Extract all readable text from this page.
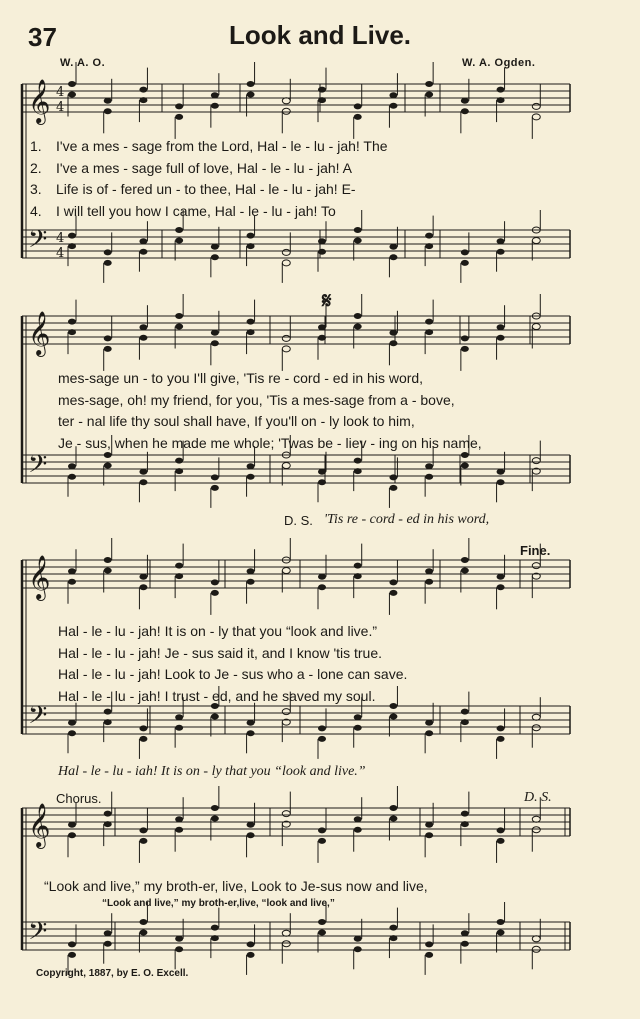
37	Look and Live.
W. A. O.	W. A. Ogden.
𝄞 4
4
𝄢 4
4
𝄞
𝄢
𝄞
𝄢
𝄞
𝄢
1. I've a mes - sage from the Lord, Hal - le - lu - jah! The
2. I've a mes - sage full of love, Hal - le - lu - jah! A
3. Life is of - fered un - to thee, Hal - le - lu - jah! E-
4. I will tell you how I came, Hal - le - lu - jah! To
𝄋
mes-sage un - to you I'll give, 'Tis re - cord - ed in his word,
mes-sage, oh! my friend, for you, 'Tis a mes-sage from a - bove,
ter - nal life thy soul shall have, If you'll on - ly look to him,
Je - sus, when he made me whole; 'Twas be - liev - ing on his name,
D. S. 'Tis re - cord - ed in his word,
Fine.
Hal - le - lu - jah! It is on - ly that you “look and live.”
Hal - le - lu - jah! Je - sus said it, and I know 'tis true.
Hal - le - lu - jah! Look to Je - sus who a - lone can save.
Hal - le - lu - jah! I trust - ed, and he saved my soul.
Hal - le - lu - iah! It is on - ly that you “look and live.”
Chorus.	D. S.
“Look and live,” my broth-er, live, Look to Je-sus now and live,
“Look and live,” my broth-er,live, “look and live,”
Copyright, 1887, by E. O. Excell.
